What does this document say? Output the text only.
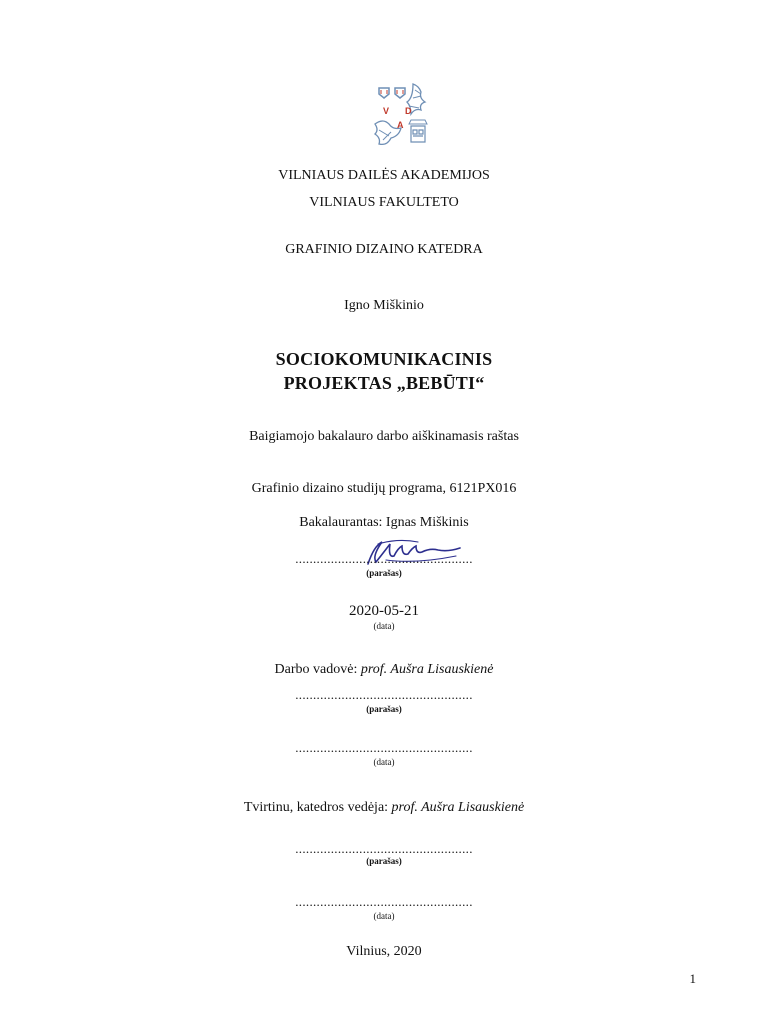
V D
A
VILNIAUS DAILĖS AKADEMIJOS
VILNIAUS FAKULTETO
GRAFINIO DIZAINO KATEDRA
Igno Miškinio
SOCIOKOMUNIKACINIS
PROJEKTAS „BEBŪTI“
Baigiamojo bakalauro darbo aiškinamasis raštas
Grafinio dizaino studijų programa, 6121PX016
Bakalaurantas: Ignas Miškinis
..................................................
(parašas)
2020-05-21
(data)
Darbo vadovė: prof. Aušra Lisauskienė
..................................................
(parašas)
..................................................
(data)
Tvirtinu, katedros vedėja: prof. Aušra Lisauskienė
..................................................
(parašas)
..................................................
(data)
Vilnius, 2020
1
